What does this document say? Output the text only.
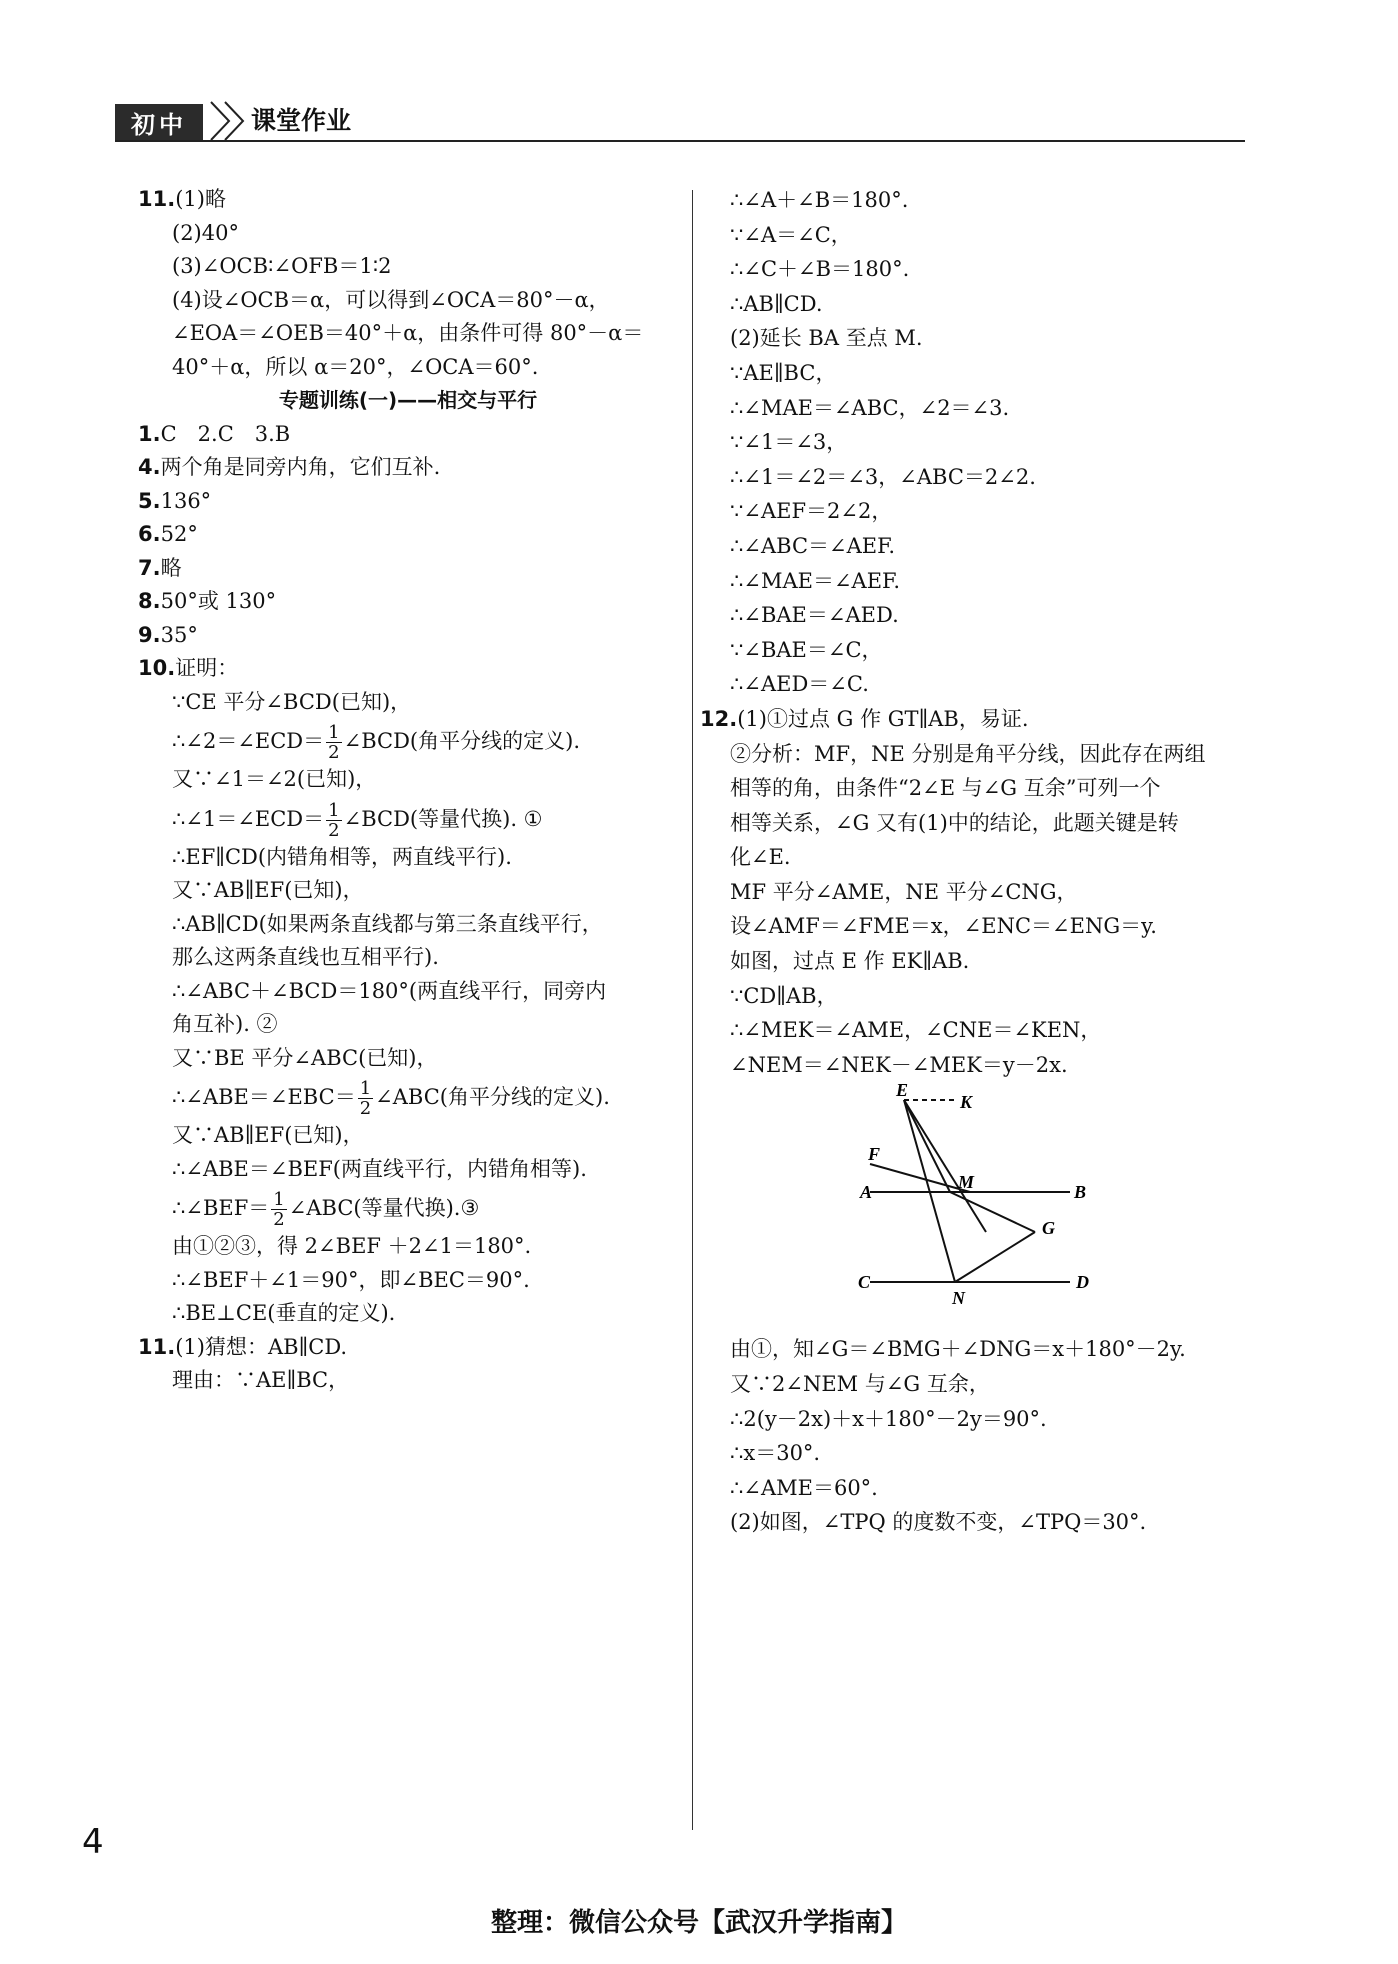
初中	课堂作业
11.(1)略
(2)40°
(3)∠OCB∶∠OFB＝1∶2
(4)设∠OCB＝α，可以得到∠OCA＝80°－α，
∠EOA＝∠OEB＝40°＋α，由条件可得 80°－α＝
40°＋α，所以 α＝20°，∠OCA＝60°.
专题训练(一)——相交与平行
1.C　2.C　3.B
4.两个角是同旁内角，它们互补.
5.136°
6.52°
7.略
8.50°或 130°
9.35°
10.证明：
∵CE 平分∠BCD(已知)，
∴∠2＝∠ECD＝ $\frac{1}{2}$ ∠BCD(角平分线的定义).
又∵∠1＝∠2(已知)，
∴∠1＝∠ECD＝ $\frac{1}{2}$ ∠BCD(等量代换). ①
∴EF∥CD(内错角相等，两直线平行).
又∵AB∥EF(已知)，
∴AB∥CD(如果两条直线都与第三条直线平行，
那么这两条直线也互相平行).
∴∠ABC＋∠BCD＝180°(两直线平行，同旁内
角互补). ②
又∵BE 平分∠ABC(已知)，
∴∠ABE＝∠EBC＝ $\frac{1}{2}$ ∠ABC(角平分线的定义).
又∵AB∥EF(已知)，
∴∠ABE＝∠BEF(两直线平行，内错角相等).
∴∠BEF＝ $\frac{1}{2}$ ∠ABC(等量代换).③
由①②③，得 2∠BEF ＋2∠1＝180°.
∴∠BEF＋∠1＝90°，即∠BEC＝90°.
∴BE⊥CE(垂直的定义).
11.(1)猜想：AB∥CD.
理由：∵AE∥BC，
∴∠A＋∠B＝180°.
∵∠A＝∠C，
∴∠C＋∠B＝180°.
∴AB∥CD.
(2)延长 BA 至点 M.
∵AE∥BC，
∴∠MAE＝∠ABC，∠2＝∠3.
∵∠1＝∠3，
∴∠1＝∠2＝∠3，∠ABC＝2∠2.
∵∠AEF＝2∠2，
∴∠ABC＝∠AEF.
∴∠MAE＝∠AEF.
∴∠BAE＝∠AED.
∵∠BAE＝∠C，
∴∠AED＝∠C.
12.(1)①过点 G 作 GT∥AB，易证.
②分析：MF，NE 分别是角平分线，因此存在两组
相等的角，由条件“2∠E 与∠G 互余”可列一个
相等关系，∠G 又有(1)中的结论，此题关键是转
化∠E.
MF 平分∠AME，NE 平分∠CNG，
设∠AMF＝∠FME＝x，∠ENC＝∠ENG＝y.
如图，过点 E 作 EK∥AB.
∵CD∥AB，
∴∠MEK＝∠AME，∠CNE＝∠KEN，
∠NEM＝∠NEK－∠MEK＝y－2x.
E
K
F
A	M	B
G
C
N
D
由①，知∠G＝∠BMG＋∠DNG＝x＋180°－2y.
又∵2∠NEM 与∠G 互余，
∴2(y－2x)＋x＋180°－2y＝90°.
∴x＝30°.
∴∠AME＝60°.
(2)如图，∠TPQ 的度数不变，∠TPQ＝30°.
4
整理：微信公众号【武汉升学指南】
